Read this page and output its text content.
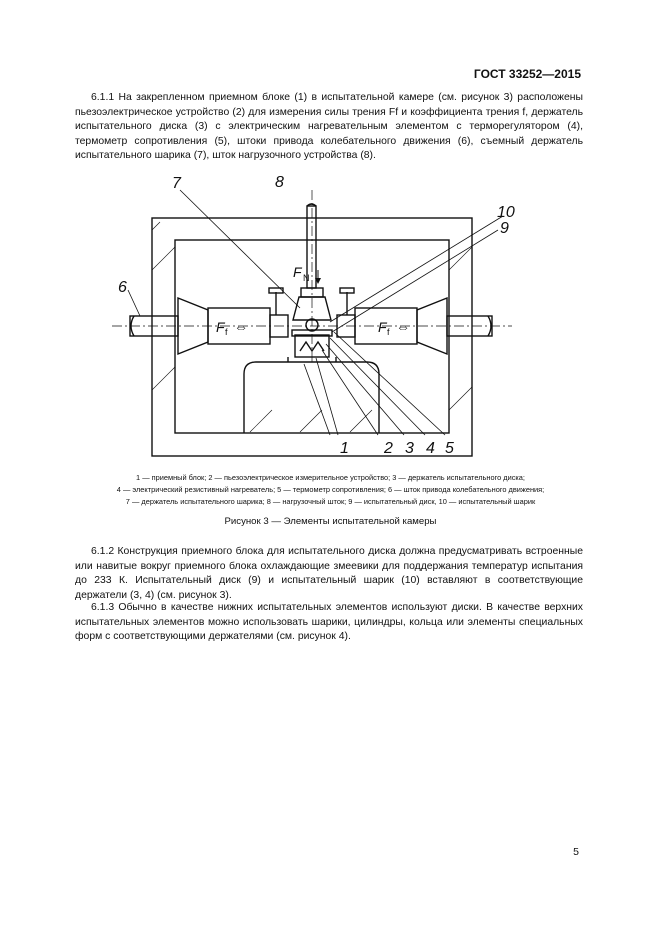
ГОСТ 33252—2015

6.1.1 На закрепленном приемном блоке (1) в испытательной камере (см. рисунок 3) расположены пьезоэлектрическое устройство (2) для измерения силы трения Ff и коэффициента трения f, держатель испытательного диска (3) с электрическим нагревательным элементом с терморегулятором (4), термометр сопротивления (5), штоки привода колебательного движения (6), съемный держатель испытательного шарика (7), шток нагрузочного устройства (8).

7	8
10
9
6
1 2 3 4 5
F N
F f ⇔	F f ⇔
1 — приемный блок; 2 — пьезоэлектрическое измерительное устройство; 3 — держатель испытательного диска;
4 — электрический резистивный нагреватель; 5 — термометр сопротивления; 6 — шток привода колебательного движения;
7 — держатель испытательного шарика; 8 — нагрузочный шток; 9 — испытательный диск, 10 — испытательный шарик
Рисунок 3 — Элементы испытательной камеры

6.1.2 Конструкция приемного блока для испытательного диска должна предусматривать встроенные или навитые вокруг приемного блока охлаждающие змеевики для поддержания температур испытания до 233 К. Испытательный диск (9) и испытательный шарик (10) вставляют в соответствующие держатели (3, 4) (см. рисунок 3).

6.1.3 Обычно в качестве нижних испытательных элементов используют диски. В качестве верхних испытательных элементов можно использовать шарики, цилиндры, кольца или элементы специальных форм с соответствующими держателями (см. рисунок 4).

5
